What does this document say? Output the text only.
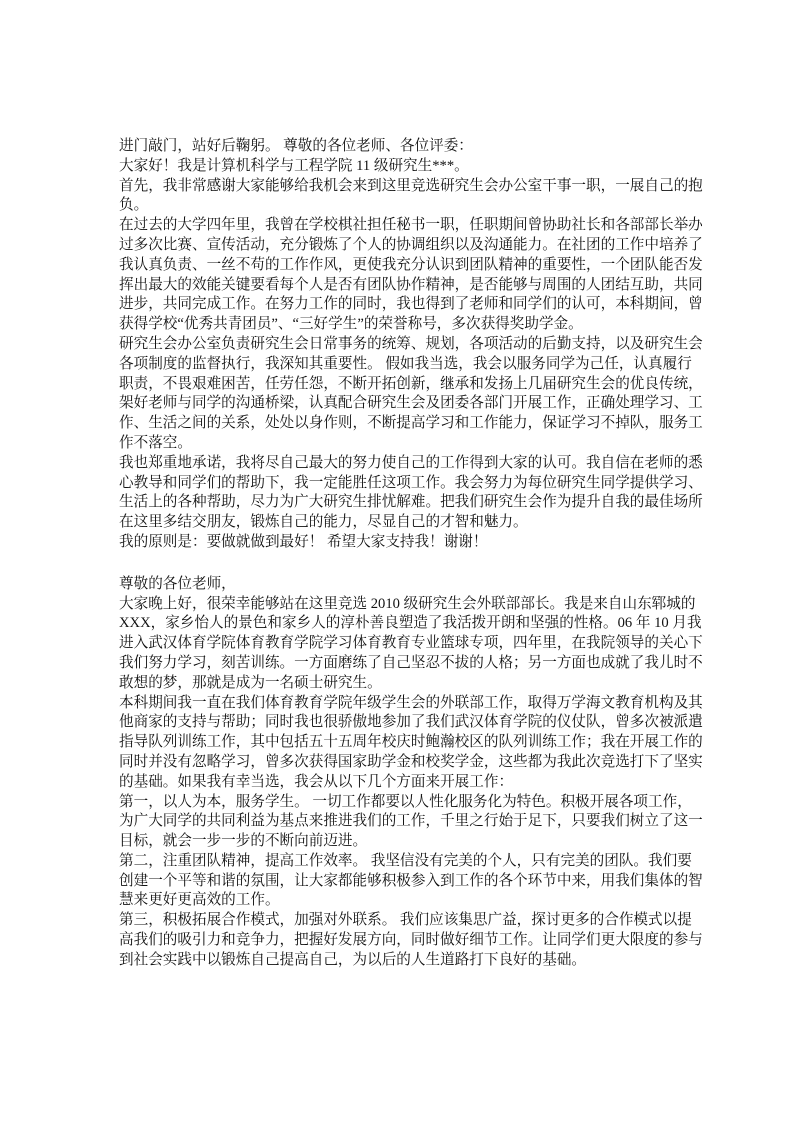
进门敲门，站好后鞠躬。 尊敬的各位老师、各位评委：
大家好！我是计算机科学与工程学院 11 级研究生***。
首先，我非常感谢大家能够给我机会来到这里竞选研究生会办公室干事一职，一展自己的抱
负。
在过去的大学四年里，我曾在学校棋社担任秘书一职，任职期间曾协助社长和各部部长举办
过多次比赛、宣传活动，充分锻炼了个人的协调组织以及沟通能力。在社团的工作中培养了
我认真负责、一丝不苟的工作作风，更使我充分认识到团队精神的重要性，一个团队能否发
挥出最大的效能关键要看每个人是否有团队协作精神，是否能够与周围的人团结互助，共同
进步，共同完成工作。在努力工作的同时，我也得到了老师和同学们的认可，本科期间，曾
获得学校“优秀共青团员”、“三好学生”的荣誉称号，多次获得奖助学金。
研究生会办公室负责研究生会日常事务的统筹、规划，各项活动的后勤支持，以及研究生会
各项制度的监督执行，我深知其重要性。 假如我当选，我会以服务同学为己任，认真履行
职责，不畏艰难困苦，任劳任怨，不断开拓创新，继承和发扬上几届研究生会的优良传统，
架好老师与同学的沟通桥梁，认真配合研究生会及团委各部门开展工作，正确处理学习、工
作、生活之间的关系，处处以身作则，不断提高学习和工作能力，保证学习不掉队，服务工
作不落空。
我也郑重地承诺，我将尽自己最大的努力使自己的工作得到大家的认可。我自信在老师的悉
心教导和同学们的帮助下，我一定能胜任这项工作。我会努力为每位研究生同学提供学习、
生活上的各种帮助，尽力为广大研究生排忧解难。把我们研究生会作为提升自我的最佳场所
在这里多结交朋友，锻炼自己的能力，尽显自己的才智和魅力。
我的原则是：要做就做到最好！ 希望大家支持我！谢谢！
尊敬的各位老师，
大家晚上好，很荣幸能够站在这里竞选 2010 级研究生会外联部部长。我是来自山东郓城的
XXX，家乡怡人的景色和家乡人的淳朴善良塑造了我活拨开朗和坚强的性格。06 年 10 月我
进入武汉体育学院体育教育学院学习体育教育专业篮球专项，四年里，在我院领导的关心下
我们努力学习，刻苦训练。一方面磨练了自己坚忍不拔的人格；另一方面也成就了我儿时不
敢想的梦，那就是成为一名硕士研究生。
本科期间我一直在我们体育教育学院年级学生会的外联部工作，取得万学海文教育机构及其
他商家的支持与帮助；同时我也很骄傲地参加了我们武汉体育学院的仪仗队，曾多次被派遣
指导队列训练工作，其中包括五十五周年校庆时鲍瀚校区的队列训练工作；我在开展工作的
同时并没有忽略学习，曾多次获得国家助学金和校奖学金，这些都为我此次竞选打下了坚实
的基础。如果我有幸当选，我会从以下几个方面来开展工作：
第一，以人为本，服务学生。 一切工作都要以人性化服务化为特色。积极开展各项工作，
为广大同学的共同利益为基点来推进我们的工作，千里之行始于足下，只要我们树立了这一
目标，就会一步一步的不断向前迈进。
第二，注重团队精神，提高工作效率。 我坚信没有完美的个人，只有完美的团队。我们要
创建一个平等和谐的氛围，让大家都能够积极参入到工作的各个环节中来，用我们集体的智
慧来更好更高效的工作。
第三，积极拓展合作模式，加强对外联系。 我们应该集思广益，探讨更多的合作模式以提
高我们的吸引力和竞争力，把握好发展方向，同时做好细节工作。让同学们更大限度的参与
到社会实践中以锻炼自己提高自己，为以后的人生道路打下良好的基础。
